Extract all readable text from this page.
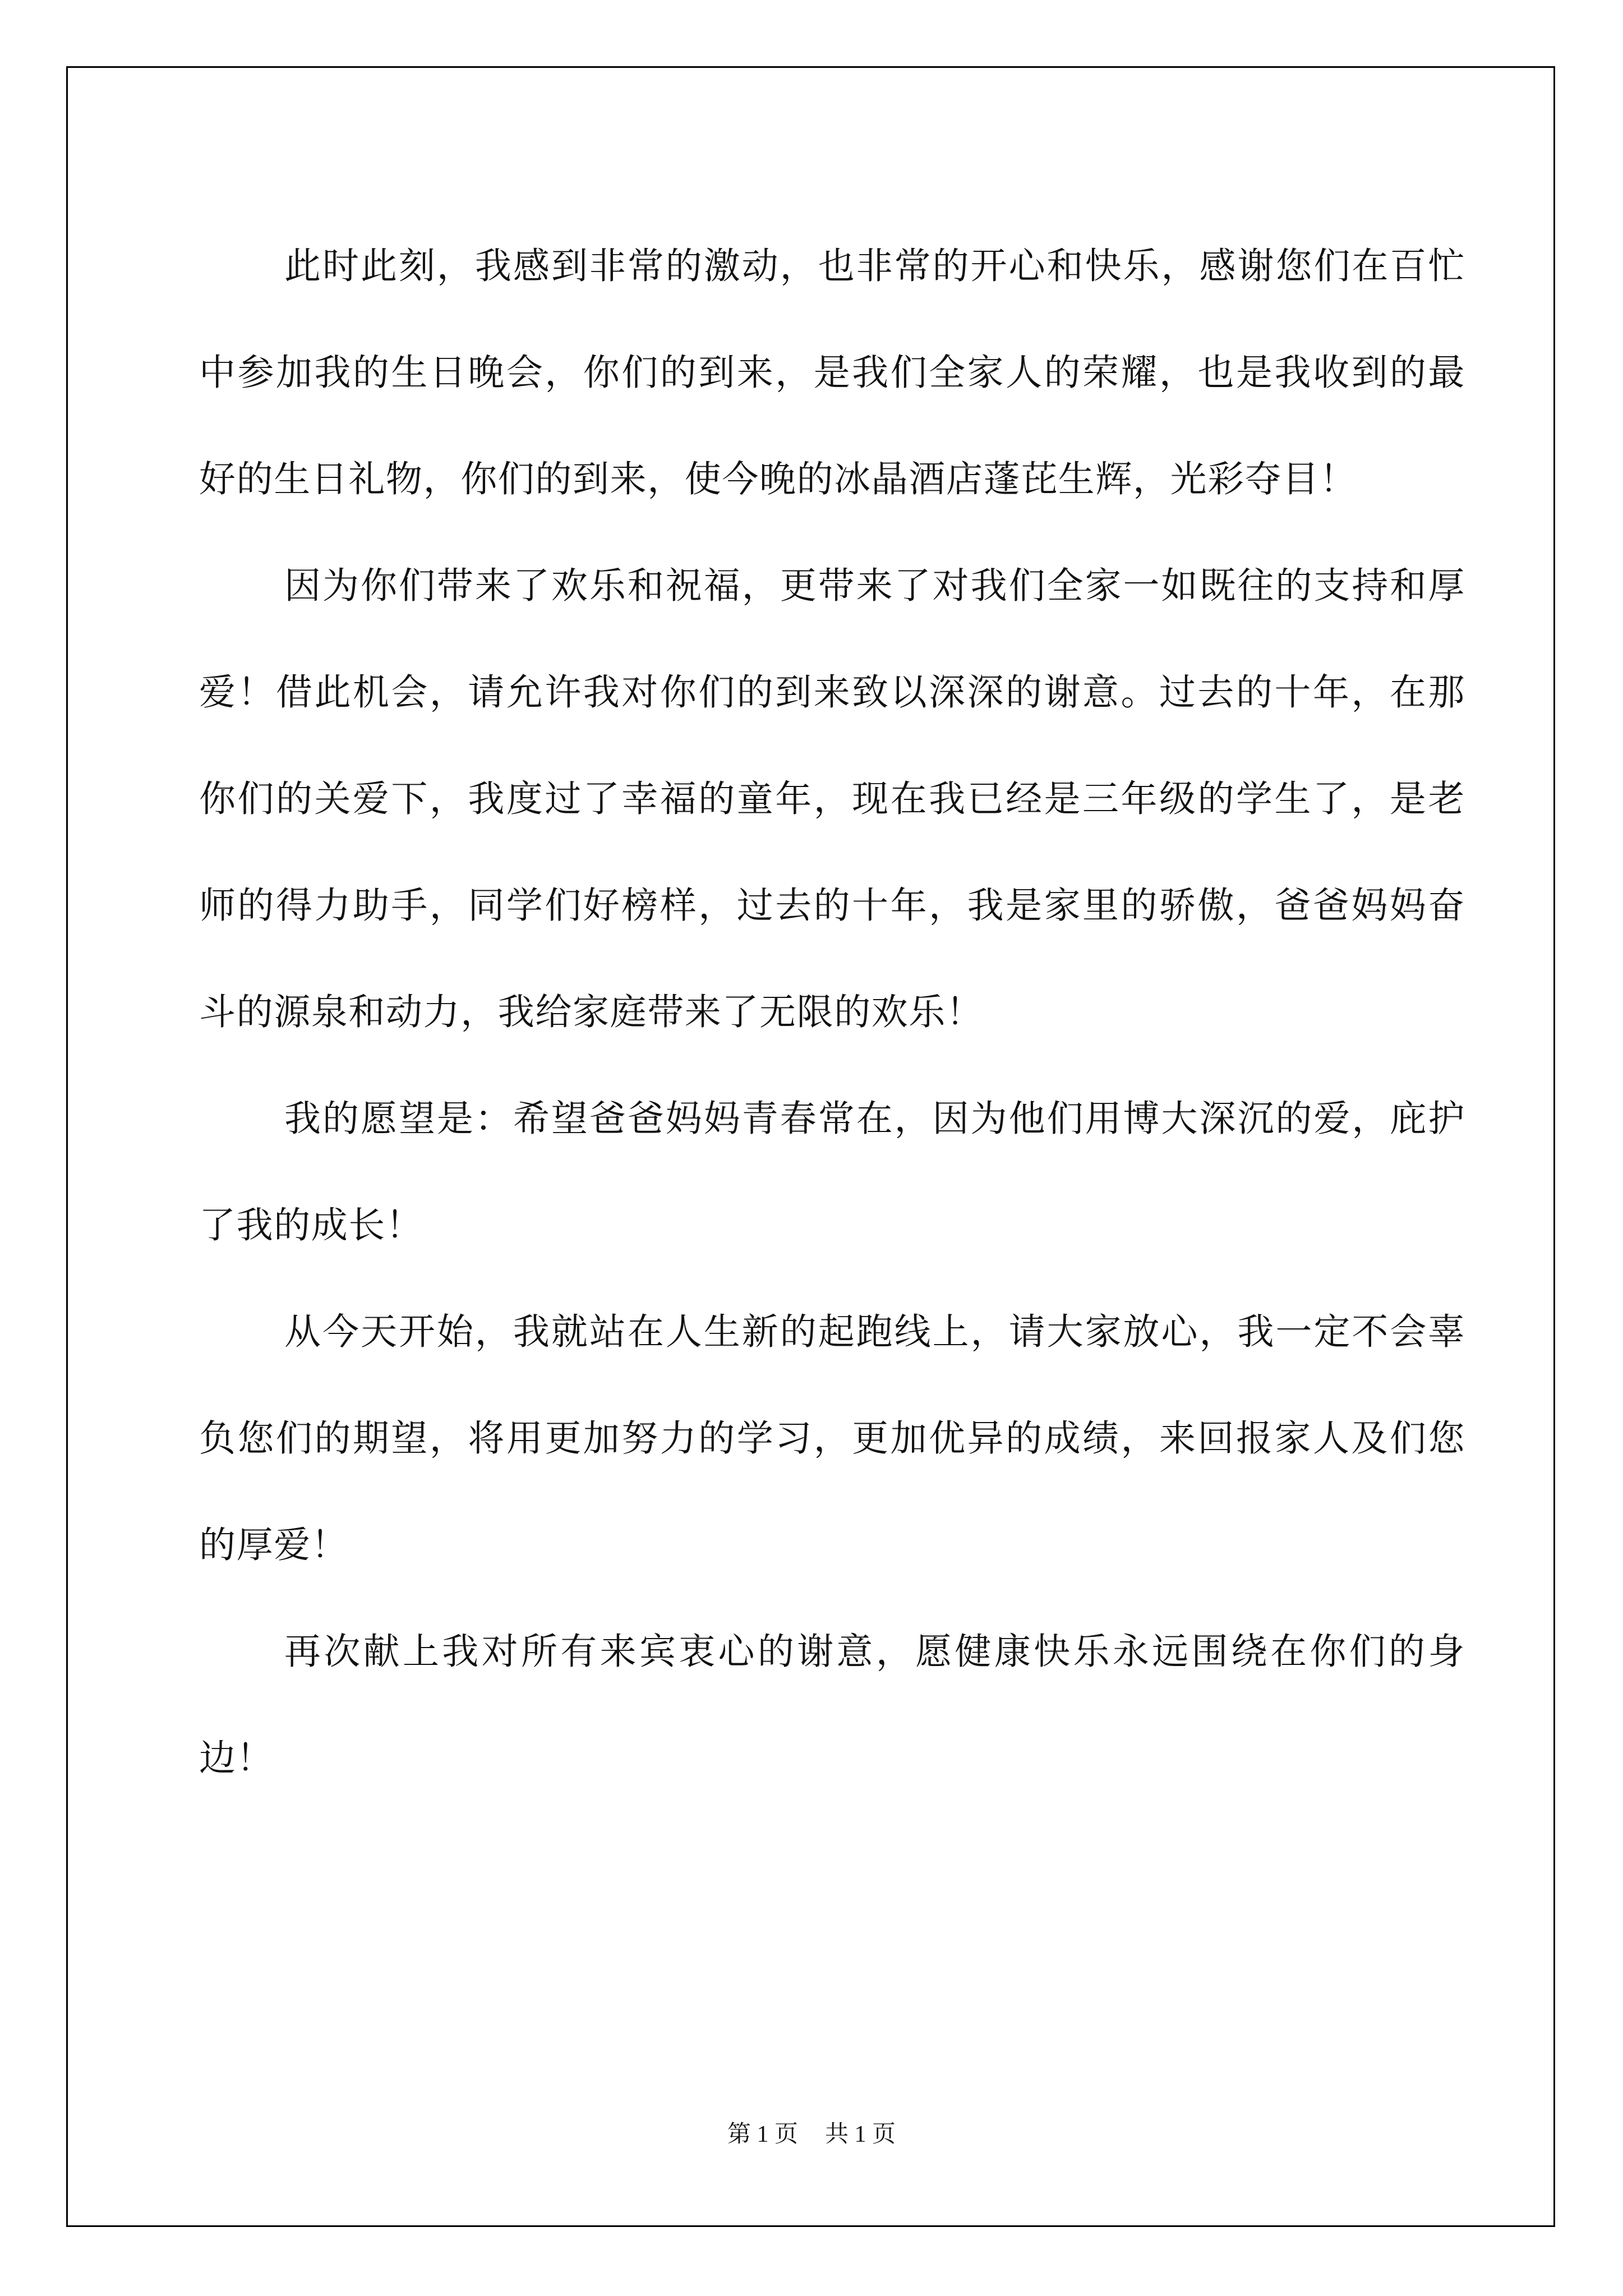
此时此刻，我感到非常的激动，也非常的开心和快乐，感谢您们在百忙中参加我的生日晚会，你们的到来，是我们全家人的荣耀，也是我收到的最好的生日礼物，你们的到来，使今晚的冰晶酒店蓬芘生辉，光彩夺目！

因为你们带来了欢乐和祝福，更带来了对我们全家一如既往的支持和厚爱！借此机会，请允许我对你们的到来致以深深的谢意。过去的十年，在那你们的关爱下，我度过了幸福的童年，现在我已经是三年级的学生了，是老师的得力助手，同学们好榜样，过去的十年，我是家里的骄傲，爸爸妈妈奋斗的源泉和动力，我给家庭带来了无限的欢乐！

我的愿望是：希望爸爸妈妈青春常在，因为他们用博大深沉的爱，庇护了我的成长！

从今天开始，我就站在人生新的起跑线上，请大家放心，我一定不会辜负您们的期望，将用更加努力的学习，更加优异的成绩，来回报家人及们您的厚爱！

再次献上我对所有来宾衷心的谢意，愿健康快乐永远围绕在你们的身边！

第 1 页 共 1 页
